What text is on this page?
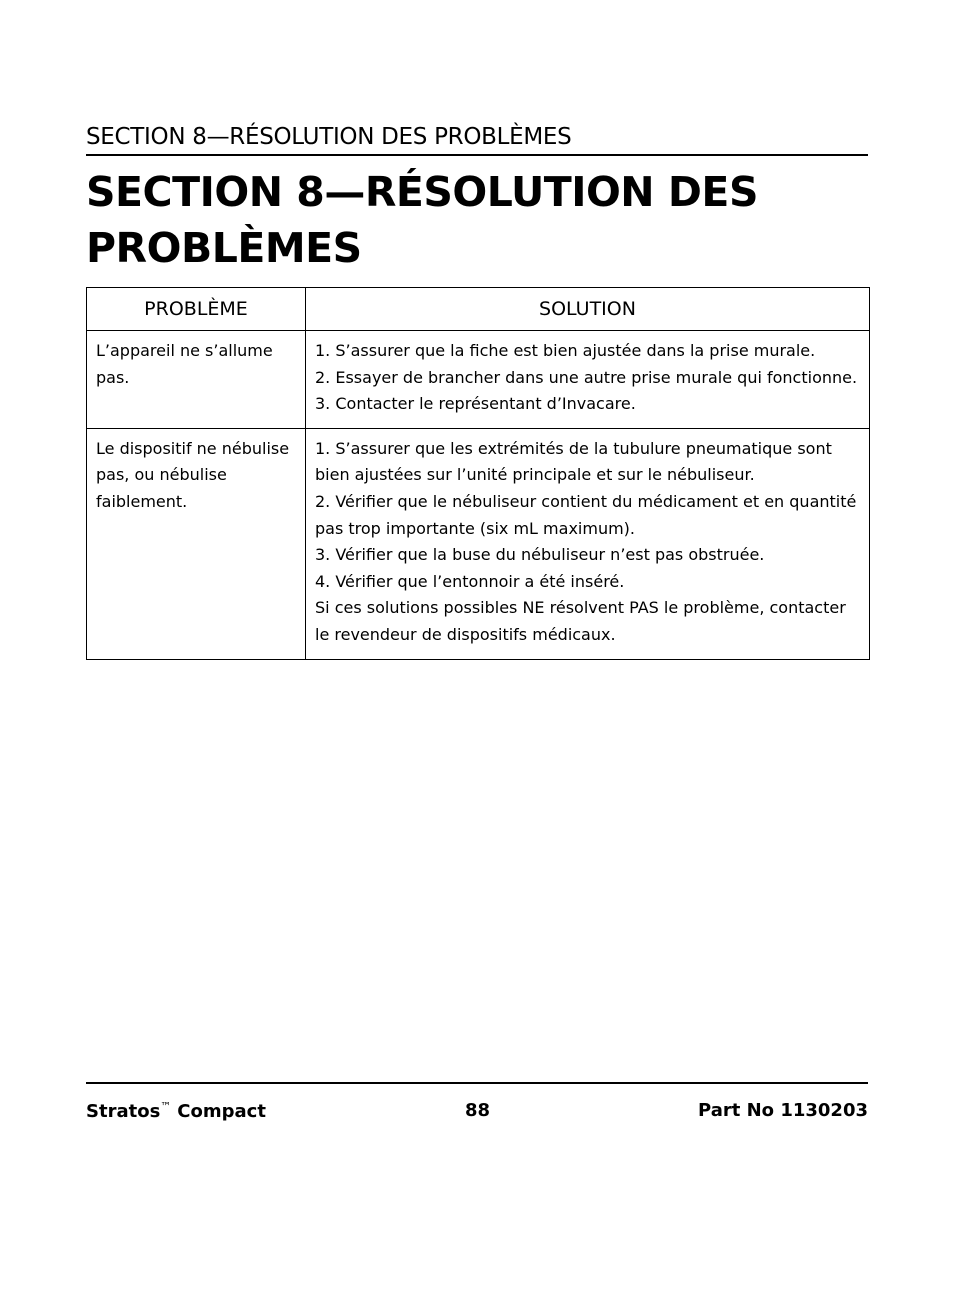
SECTION 8—RÉSOLUTION DES PROBLÈMES
SECTION 8—RÉSOLUTION DES PROBLÈMES
PROBLÈME	SOLUTION
L’appareil ne s’allume pas.	1. S’assurer que la fiche est bien ajustée dans la prise murale.
2. Essayer de brancher dans une autre prise murale qui fonctionne.
3. Contacter le représentant d’Invacare.

Le dispositif ne nébulise pas, ou nébulise faiblement.	1. S’assurer que les extrémités de la tubulure pneumatique sont bien ajustées sur l’unité principale et sur le nébuliseur.
2. Vérifier que le nébuliseur contient du médicament et en quantité pas trop importante (six mL maximum).
3. Vérifier que la buse du nébuliseur n’est pas obstruée.
4. Vérifier que l’entonnoir a été inséré.
Si ces solutions possibles NE résolvent PAS le problème, contacter le revendeur de dispositifs médicaux.
Stratos™ Compact	88	Part No 1130203
